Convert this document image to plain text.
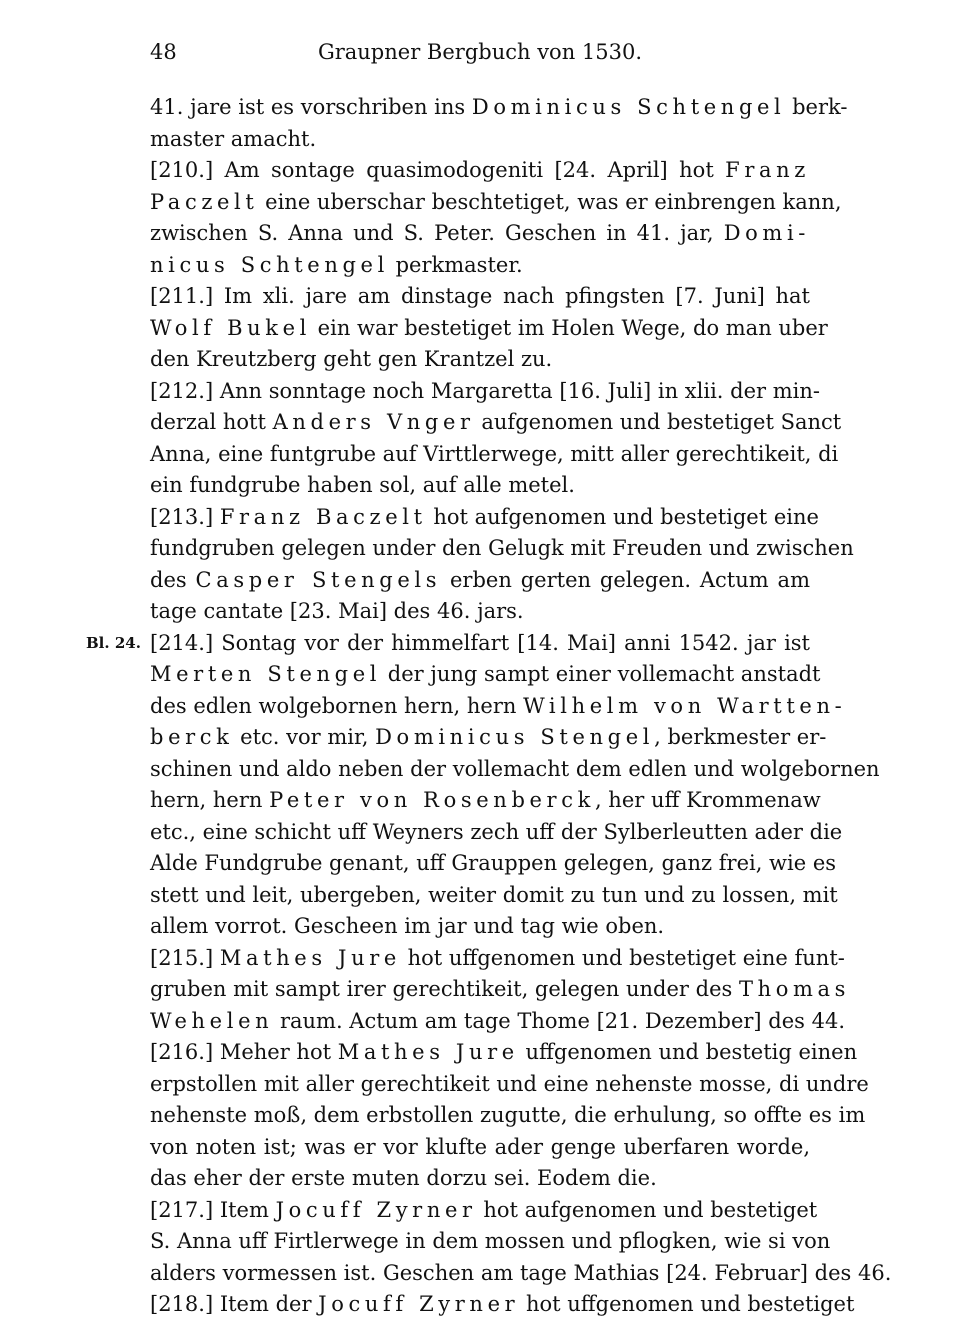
48	Graupner Bergbuch von 1530.
41. jare ist es vorschriben ins Dominicus Schtengel berk-
master amacht.
[210.] Am sontage quasimodogeniti [24. April] hot Franz
Paczelt eine uberschar beschtetiget, was er einbrengen kann,
zwischen S. Anna und S. Peter. Geschen in 41. jar, Domi-
nicus Schtengel perkmaster.
[211.] Im xli. jare am dinstage nach pfingsten [7. Juni] hat
Wolf Bukel ein war bestetiget im Holen Wege, do man uber
den Kreutzberg geht gen Krantzel zu.
[212.] Ann sonntage noch Margaretta [16. Juli] in xlii. der min-
derzal hott Anders Vnger aufgenomen und bestetiget Sanct
Anna, eine funtgrube auf Virttlerwege, mitt aller gerechtikeit, di
ein fundgrube haben sol, auf alle metel.
[213.] Franz Baczelt hot aufgenomen und bestetiget eine
fundgruben gelegen under den Gelugk mit Freuden und zwischen
des Casper Stengels erben gerten gelegen. Actum am
tage cantate [23. Mai] des 46. jars.
Bl. 24. [214.] Sontag vor der himmelfart [14. Mai] anni 1542. jar ist
Merten Stengel der jung sampt einer vollemacht anstadt
des edlen wolgebornen hern, hern Wilhelm von Wartten-
berck etc. vor mir, Dominicus Stengel, berkmester er-
schinen und aldo neben der vollemacht dem edlen und wolgebornen
hern, hern Peter von Rosenberck, her uff Krommenaw
etc., eine schicht uff Weyners zech uff der Sylberleutten ader die
Alde Fundgrube genant, uff Grauppen gelegen, ganz frei, wie es
stett und leit, ubergeben, weiter domit zu tun und zu lossen, mit
allem vorrot. Gescheen im jar und tag wie oben.
[215.] Mathes Jure hot uffgenomen und bestetiget eine funt-
gruben mit sampt irer gerechtikeit, gelegen under des Thomas
Wehelen raum. Actum am tage Thome [21. Dezember] des 44.
[216.] Meher hot Mathes Jure uffgenomen und bestetig einen
erpstollen mit aller gerechtikeit und eine nehenste mosse, di undre
nehenste moß, dem erbstollen zugutte, die erhulung, so offte es im
von noten ist; was er vor klufte ader genge uberfaren worde,
das eher der erste muten dorzu sei. Eodem die.
[217.] Item Jocuff Zyrner hot aufgenomen und bestetiget
S. Anna uff Firtlerwege in dem mossen und pflogken, wie si von
alders vormessen ist. Geschen am tage Mathias [24. Februar] des 46.
[218.] Item der Jocuff Zyrner hot uffgenomen und bestetiget
